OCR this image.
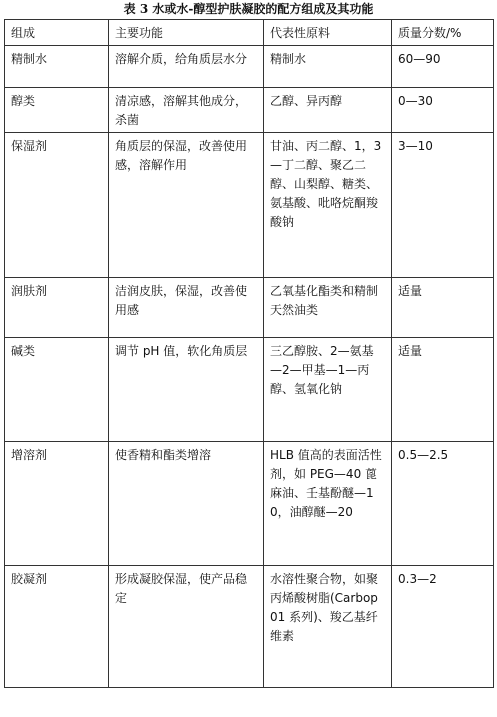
表 3 水或水-醇型护肤凝胶的配方组成及其功能
组成	主要功能	代表性原料	质量分数/%
精制水	溶解介质，给角质层水分	精制水	60—90
醇类	清凉感，溶解其他成分，杀菌	乙醇、异丙醇	0—30
保湿剂	角质层的保湿，改善使用感，溶解作用	甘油、丙二醇、1，3—丁二醇、聚乙二醇、山梨醇、糖类、氨基酸、吡咯烷酮羧酸钠	3—10
润肤剂	洁润皮肤，保湿，改善使用感	乙氧基化酯类和精制天然油类	适量
碱类	调节 pH 值，软化角质层	三乙醇胺、2—氨基—2—甲基—1—丙醇、氢氧化钠	适量
增溶剂	使香精和酯类增溶	HLB 值高的表面活性剂，如 PEG—40 蓖麻油、壬基酚醚—10，油醇醚—20	0.5—2.5
胶凝剂	形成凝胶保湿，使产品稳定	水溶性聚合物，如聚丙烯酸树脂(Carbop01 系列)、羧乙基纤维素	0.3—2
